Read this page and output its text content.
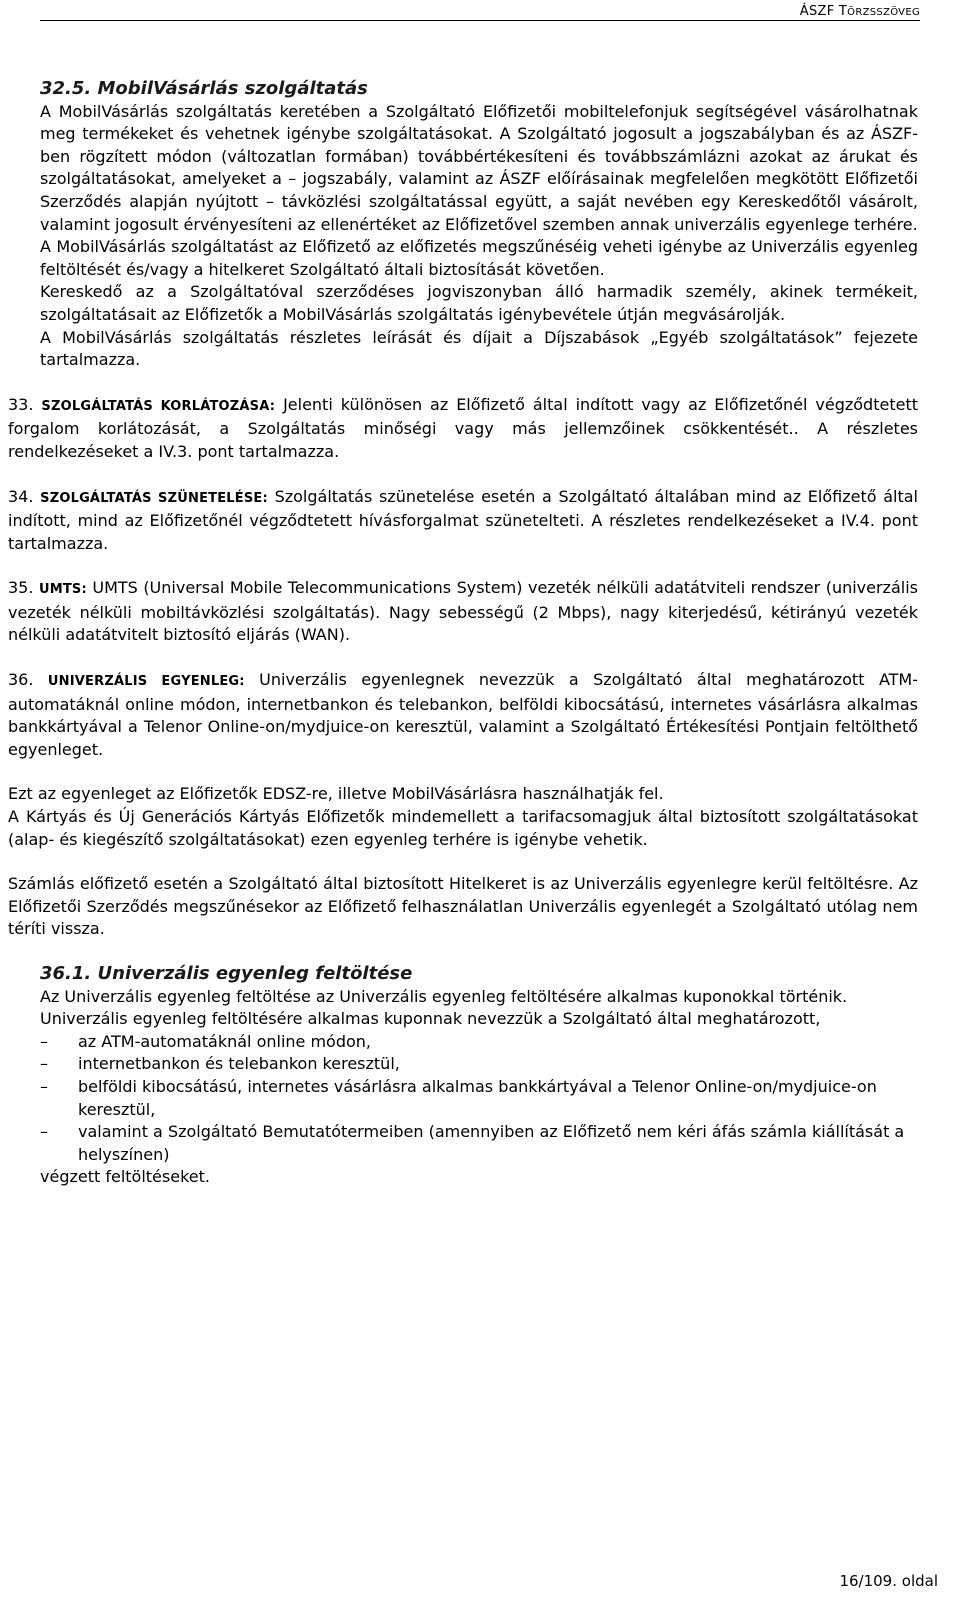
ÁSZF TÖRZSSZÖVEG
32.5. MobilVásárlás szolgáltatás

A MobilVásárlás szolgáltatás keretében a Szolgáltató Előfizetői mobiltelefonjuk segítségével vásárolhatnak meg termékeket és vehetnek igénybe szolgáltatásokat. A Szolgáltató jogosult a jogszabályban és az ÁSZF-ben rögzített módon (változatlan formában) továbbértékesíteni és továbbszámlázni azokat az árukat és szolgáltatásokat, amelyeket a – jogszabály, valamint az ÁSZF előírásainak megfelelően megkötött Előfizetői Szerződés alapján nyújtott – távközlési szolgáltatással együtt, a saját nevében egy Kereskedőtől vásárolt, valamint jogosult érvényesíteni az ellenértéket az Előfizetővel szemben annak univerzális egyenlege terhére.

A MobilVásárlás szolgáltatást az Előfizető az előfizetés megszűnéséig veheti igénybe az Univerzális egyenleg feltöltését és/vagy a hitelkeret Szolgáltató általi biztosítását követően.

Kereskedő az a Szolgáltatóval szerződéses jogviszonyban álló harmadik személy, akinek termékeit, szolgáltatásait az Előfizetők a MobilVásárlás szolgáltatás igénybevétele útján megvásárolják.

A MobilVásárlás szolgáltatás részletes leírását és díjait a Díjszabások „Egyéb szolgáltatások” fejezete tartalmazza.

33. SZOLGÁLTATÁS KORLÁTOZÁSA: Jelenti különösen az Előfizető által indított vagy az Előfizetőnél végződtetett forgalom korlátozását, a Szolgáltatás minőségi vagy más jellemzőinek csökkentését.. A részletes rendelkezéseket a IV.3. pont tartalmazza.

34. SZOLGÁLTATÁS SZÜNETELÉSE: Szolgáltatás szünetelése esetén a Szolgáltató általában mind az Előfizető által indított, mind az Előfizetőnél végződtetett hívásforgalmat szünetelteti. A részletes rendelkezéseket a IV.4. pont tartalmazza.

35. UMTS: UMTS (Universal Mobile Telecommunications System) vezeték nélküli adatátviteli rendszer (univerzális vezeték nélküli mobiltávközlési szolgáltatás). Nagy sebességű (2 Mbps), nagy kiterjedésű, kétirányú vezeték nélküli adatátvitelt biztosító eljárás (WAN).

36. UNIVERZÁLIS EGYENLEG: Univerzális egyenlegnek nevezzük a Szolgáltató által meghatározott ATM-automatáknál online módon, internetbankon és telebankon, belföldi kibocsátású, internetes vásárlásra alkalmas bankkártyával a Telenor Online-on/mydjuice-on keresztül, valamint a Szolgáltató Értékesítési Pontjain feltölthető egyenleget.

Ezt az egyenleget az Előfizetők EDSZ-re, illetve MobilVásárlásra használhatják fel.

A Kártyás és Új Generációs Kártyás Előfizetők mindemellett a tarifacsomagjuk által biztosított szolgáltatásokat (alap- és kiegészítő szolgáltatásokat) ezen egyenleg terhére is igénybe vehetik.

Számlás előfizető esetén a Szolgáltató által biztosított Hitelkeret is az Univerzális egyenlegre kerül feltöltésre. Az Előfizetői Szerződés megszűnésekor az Előfizető felhasználatlan Univerzális egyenlegét a Szolgáltató utólag nem téríti vissza.

36.1. Univerzális egyenleg feltöltése

Az Univerzális egyenleg feltöltése az Univerzális egyenleg feltöltésére alkalmas kuponokkal történik.

Univerzális egyenleg feltöltésére alkalmas kuponnak nevezzük a Szolgáltató által meghatározott,

– az ATM-automatáknál online módon,
– internetbankon és telebankon keresztül,
– belföldi kibocsátású, internetes vásárlásra alkalmas bankkártyával a Telenor Online-on/mydjuice-on keresztül,
– valamint a Szolgáltató Bemutatótermeiben (amennyiben az Előfizető nem kéri áfás számla kiállítását a helyszínen)

végzett feltöltéseket.

16/109. oldal
